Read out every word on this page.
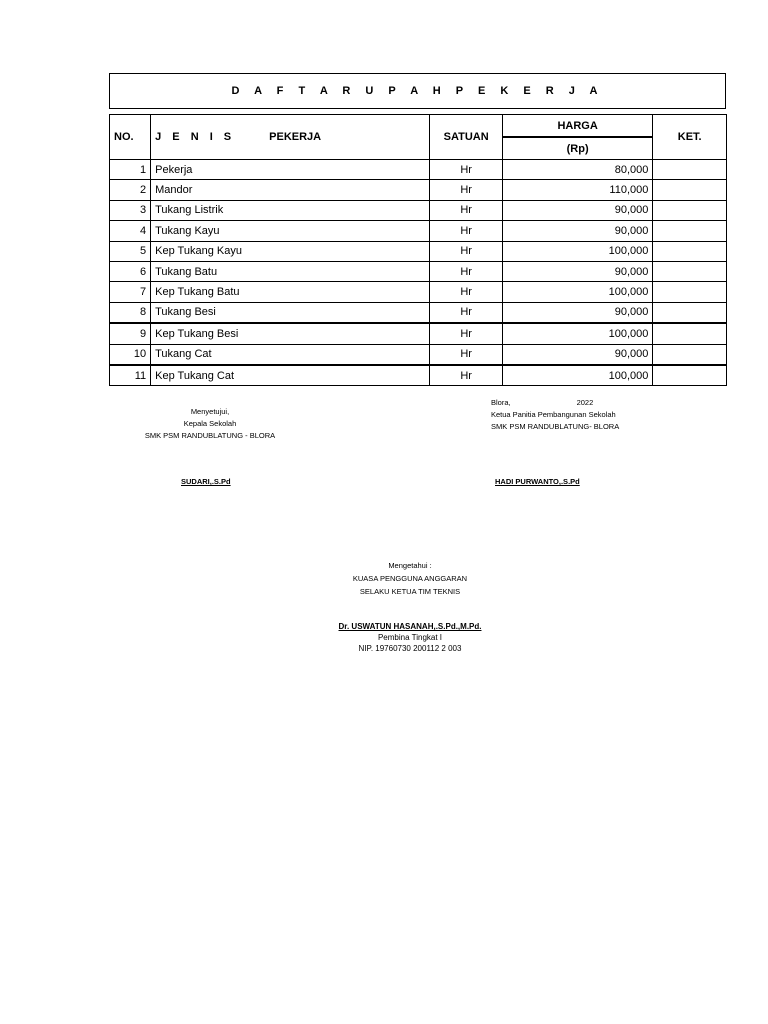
D A F T A R U P A H P E K E R J A
NO.	J E N I S PEKERJA	SATUAN	HARGA	KET.
			(Rp)	
1	Pekerja	Hr	80,000	
2	Mandor	Hr	110,000	
3	Tukang Listrik	Hr	90,000	
4	Tukang Kayu	Hr	90,000	
5	Kep Tukang Kayu	Hr	100,000	
6	Tukang Batu	Hr	90,000	
7	Kep Tukang Batu	Hr	100,000	
8	Tukang Besi	Hr	90,000	
9	Kep Tukang Besi	Hr	100,000	
10	Tukang Cat	Hr	90,000	
11	Kep Tukang Cat	Hr	100,000	
Menyetujui,
Kepala Sekolah
SMK PSM RANDUBLATUNG - BLORA
Blora,	2022
Ketua Panitia Pembangunan Sekolah
SMK PSM RANDUBLATUNG- BLORA
SUDARI,.S.Pd	HADI PURWANTO,.S.Pd
Mengetahui :
KUASA PENGGUNA ANGGARAN
SELAKU KETUA TIM TEKNIS
Dr. USWATUN HASANAH,.S.Pd.,M.Pd.
Pembina Tingkat I
NIP. 19760730 200112 2 003
